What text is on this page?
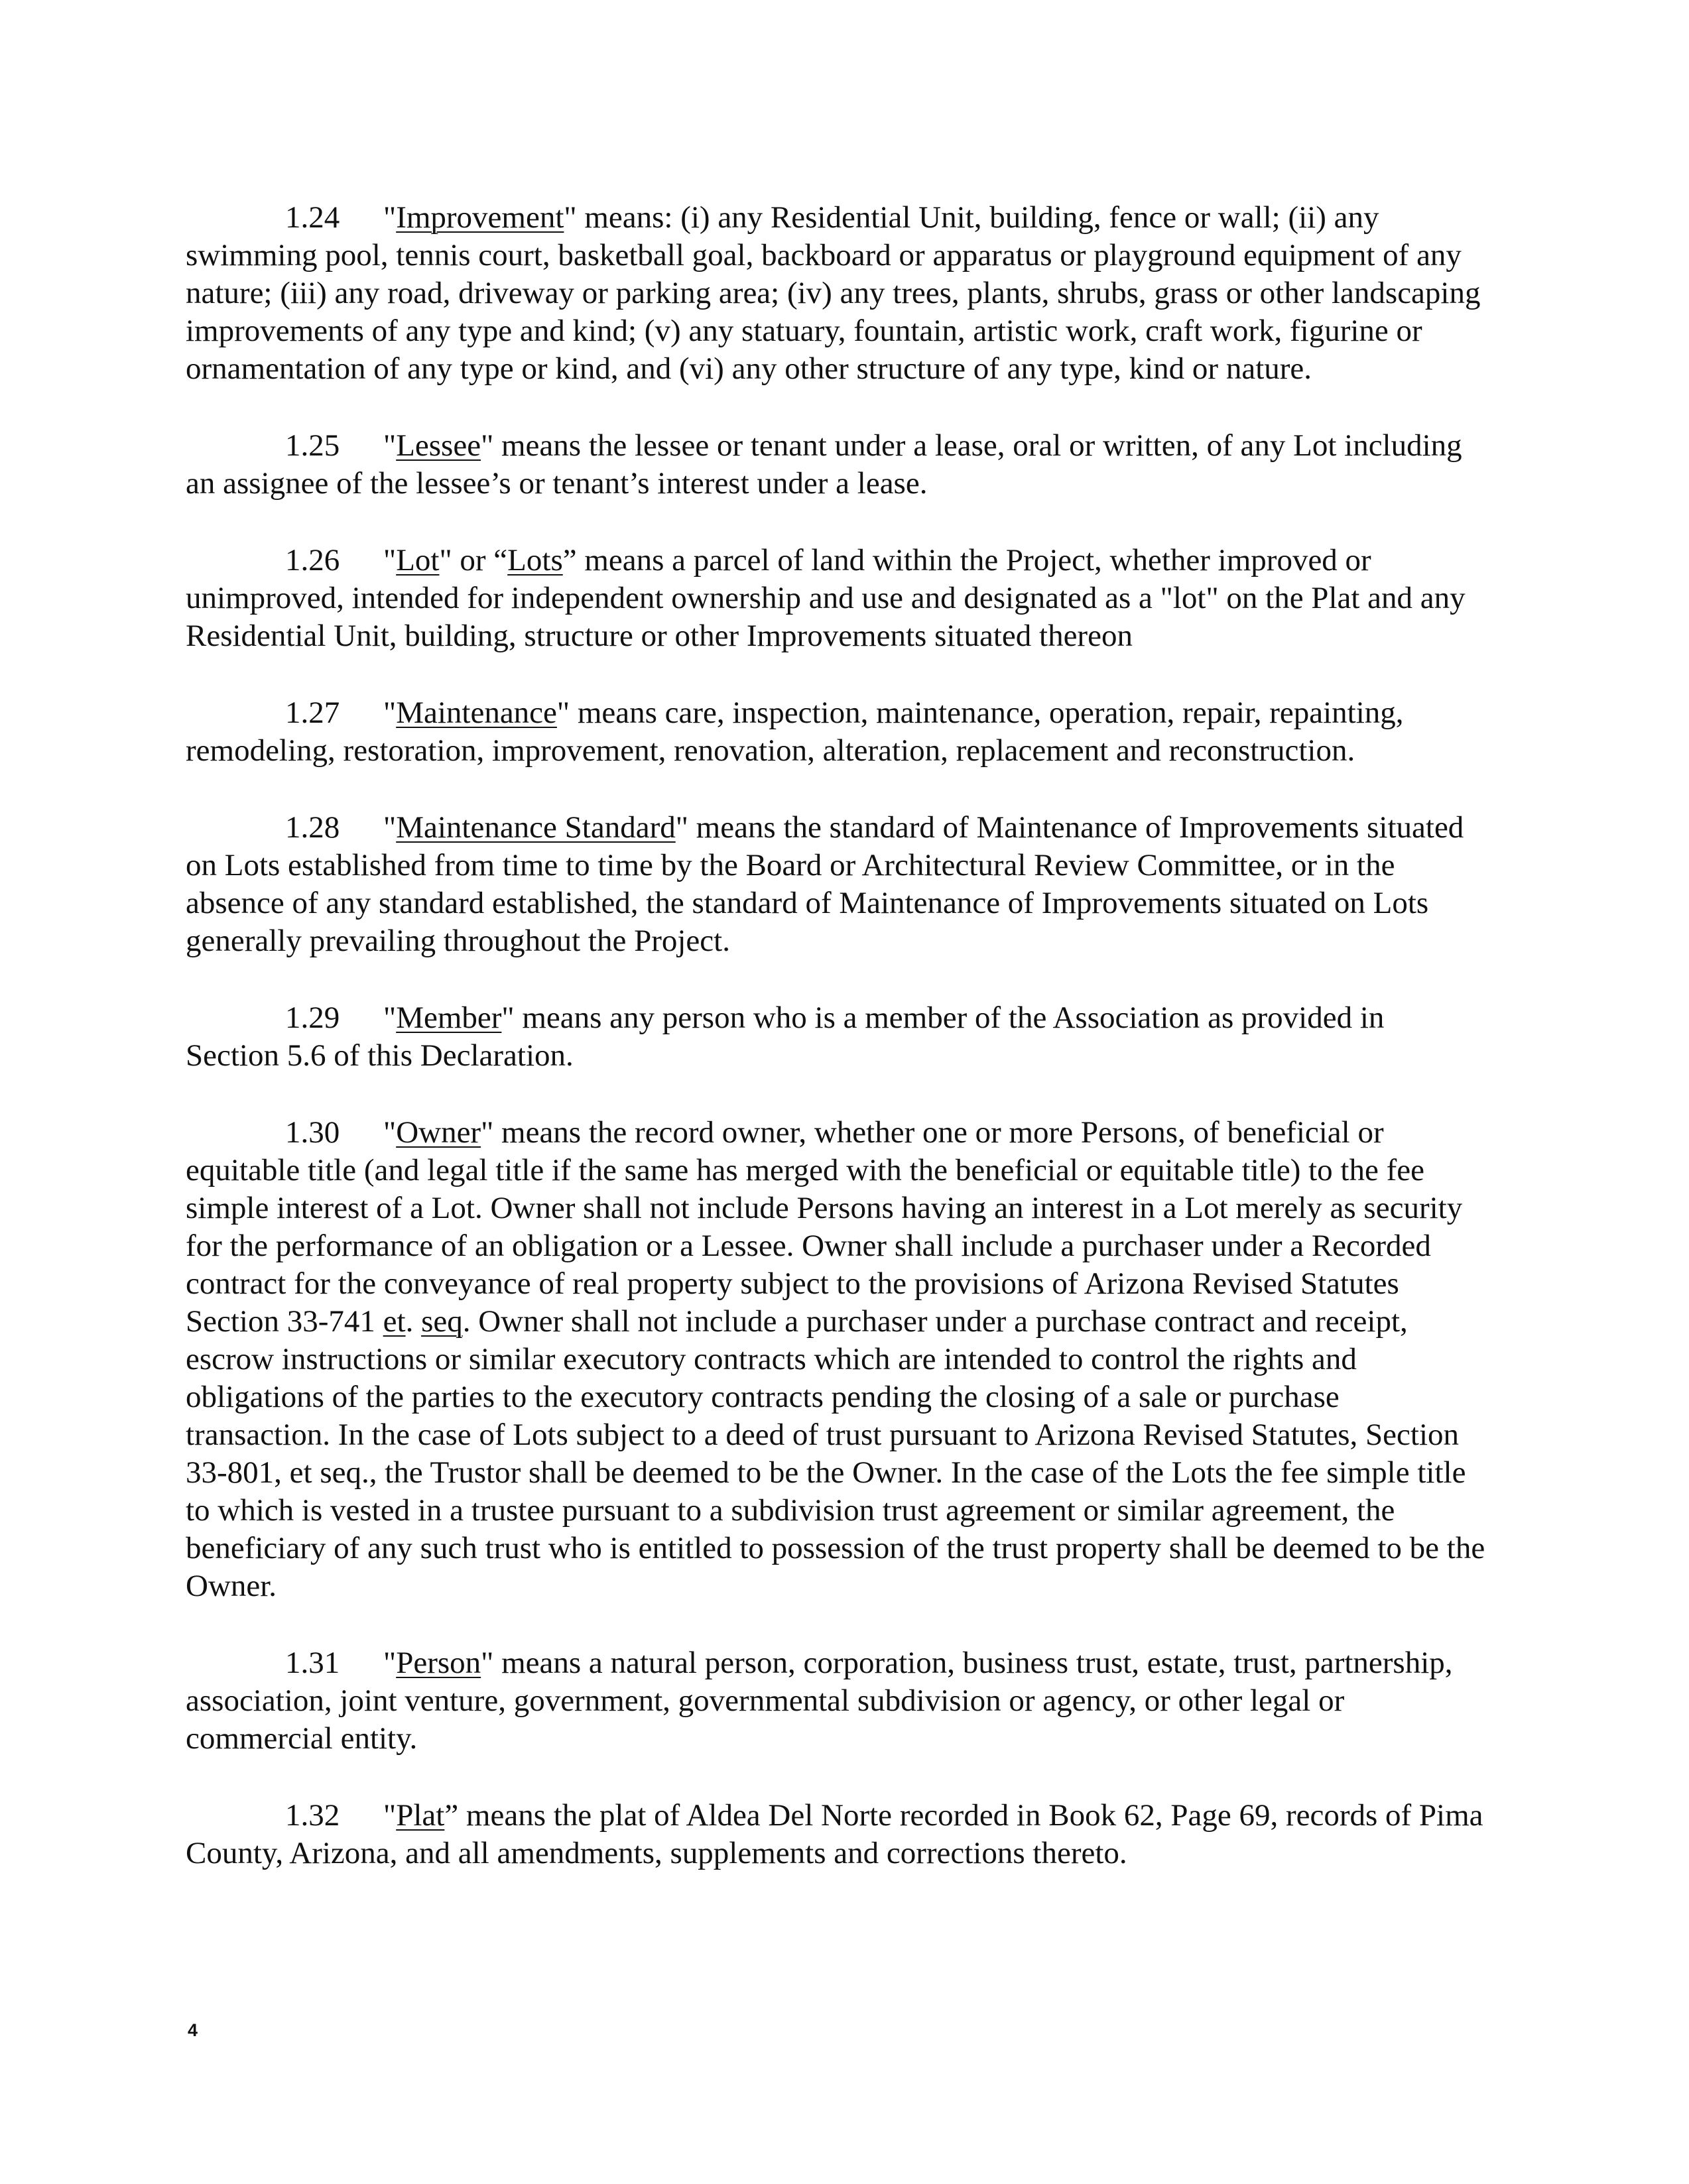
1.24 "Improvement" means: (i) any Residential Unit, building, fence or wall; (ii) any swimming pool, tennis court, basketball goal, backboard or apparatus or playground equipment of any nature; (iii) any road, driveway or parking area; (iv) any trees, plants, shrubs, grass or other landscaping improvements of any type and kind; (v) any statuary, fountain, artistic work, craft work, figurine or ornamentation of any type or kind, and (vi) any other structure of any type, kind or nature.

1.25 "Lessee" means the lessee or tenant under a lease, oral or written, of any Lot including an assignee of the lessee’s or tenant’s interest under a lease.

1.26 "Lot" or “Lots” means a parcel of land within the Project, whether improved or unimproved, intended for independent ownership and use and designated as a "lot" on the Plat and any Residential Unit, building, structure or other Improvements situated thereon

1.27 "Maintenance" means care, inspection, maintenance, operation, repair, repainting, remodeling, restoration, improvement, renovation, alteration, replacement and reconstruction.

1.28 "Maintenance Standard" means the standard of Maintenance of Improvements situated on Lots established from time to time by the Board or Architectural Review Committee, or in the absence of any standard established, the standard of Maintenance of Improvements situated on Lots generally prevailing throughout the Project.

1.29 "Member" means any person who is a member of the Association as provided in Section 5.6 of this Declaration.

1.30 "Owner" means the record owner, whether one or more Persons, of beneficial or equitable title (and legal title if the same has merged with the beneficial or equitable title) to the fee simple interest of a Lot. Owner shall not include Persons having an interest in a Lot merely as security for the performance of an obligation or a Lessee. Owner shall include a purchaser under a Recorded contract for the conveyance of real property subject to the provisions of Arizona Revised Statutes Section 33-741 et. seq. Owner shall not include a purchaser under a purchase contract and receipt, escrow instructions or similar executory contracts which are intended to control the rights and obligations of the parties to the executory contracts pending the closing of a sale or purchase transaction. In the case of Lots subject to a deed of trust pursuant to Arizona Revised Statutes, Section 33-801, et seq., the Trustor shall be deemed to be the Owner. In the case of the Lots the fee simple title to which is vested in a trustee pursuant to a subdivision trust agreement or similar agreement, the beneficiary of any such trust who is entitled to possession of the trust property shall be deemed to be the Owner.

1.31 "Person" means a natural person, corporation, business trust, estate, trust, partnership, association, joint venture, government, governmental subdivision or agency, or other legal or commercial entity.

1.32 "Plat” means the plat of Aldea Del Norte recorded in Book 62, Page 69, records of Pima County, Arizona, and all amendments, supplements and corrections thereto.

4
